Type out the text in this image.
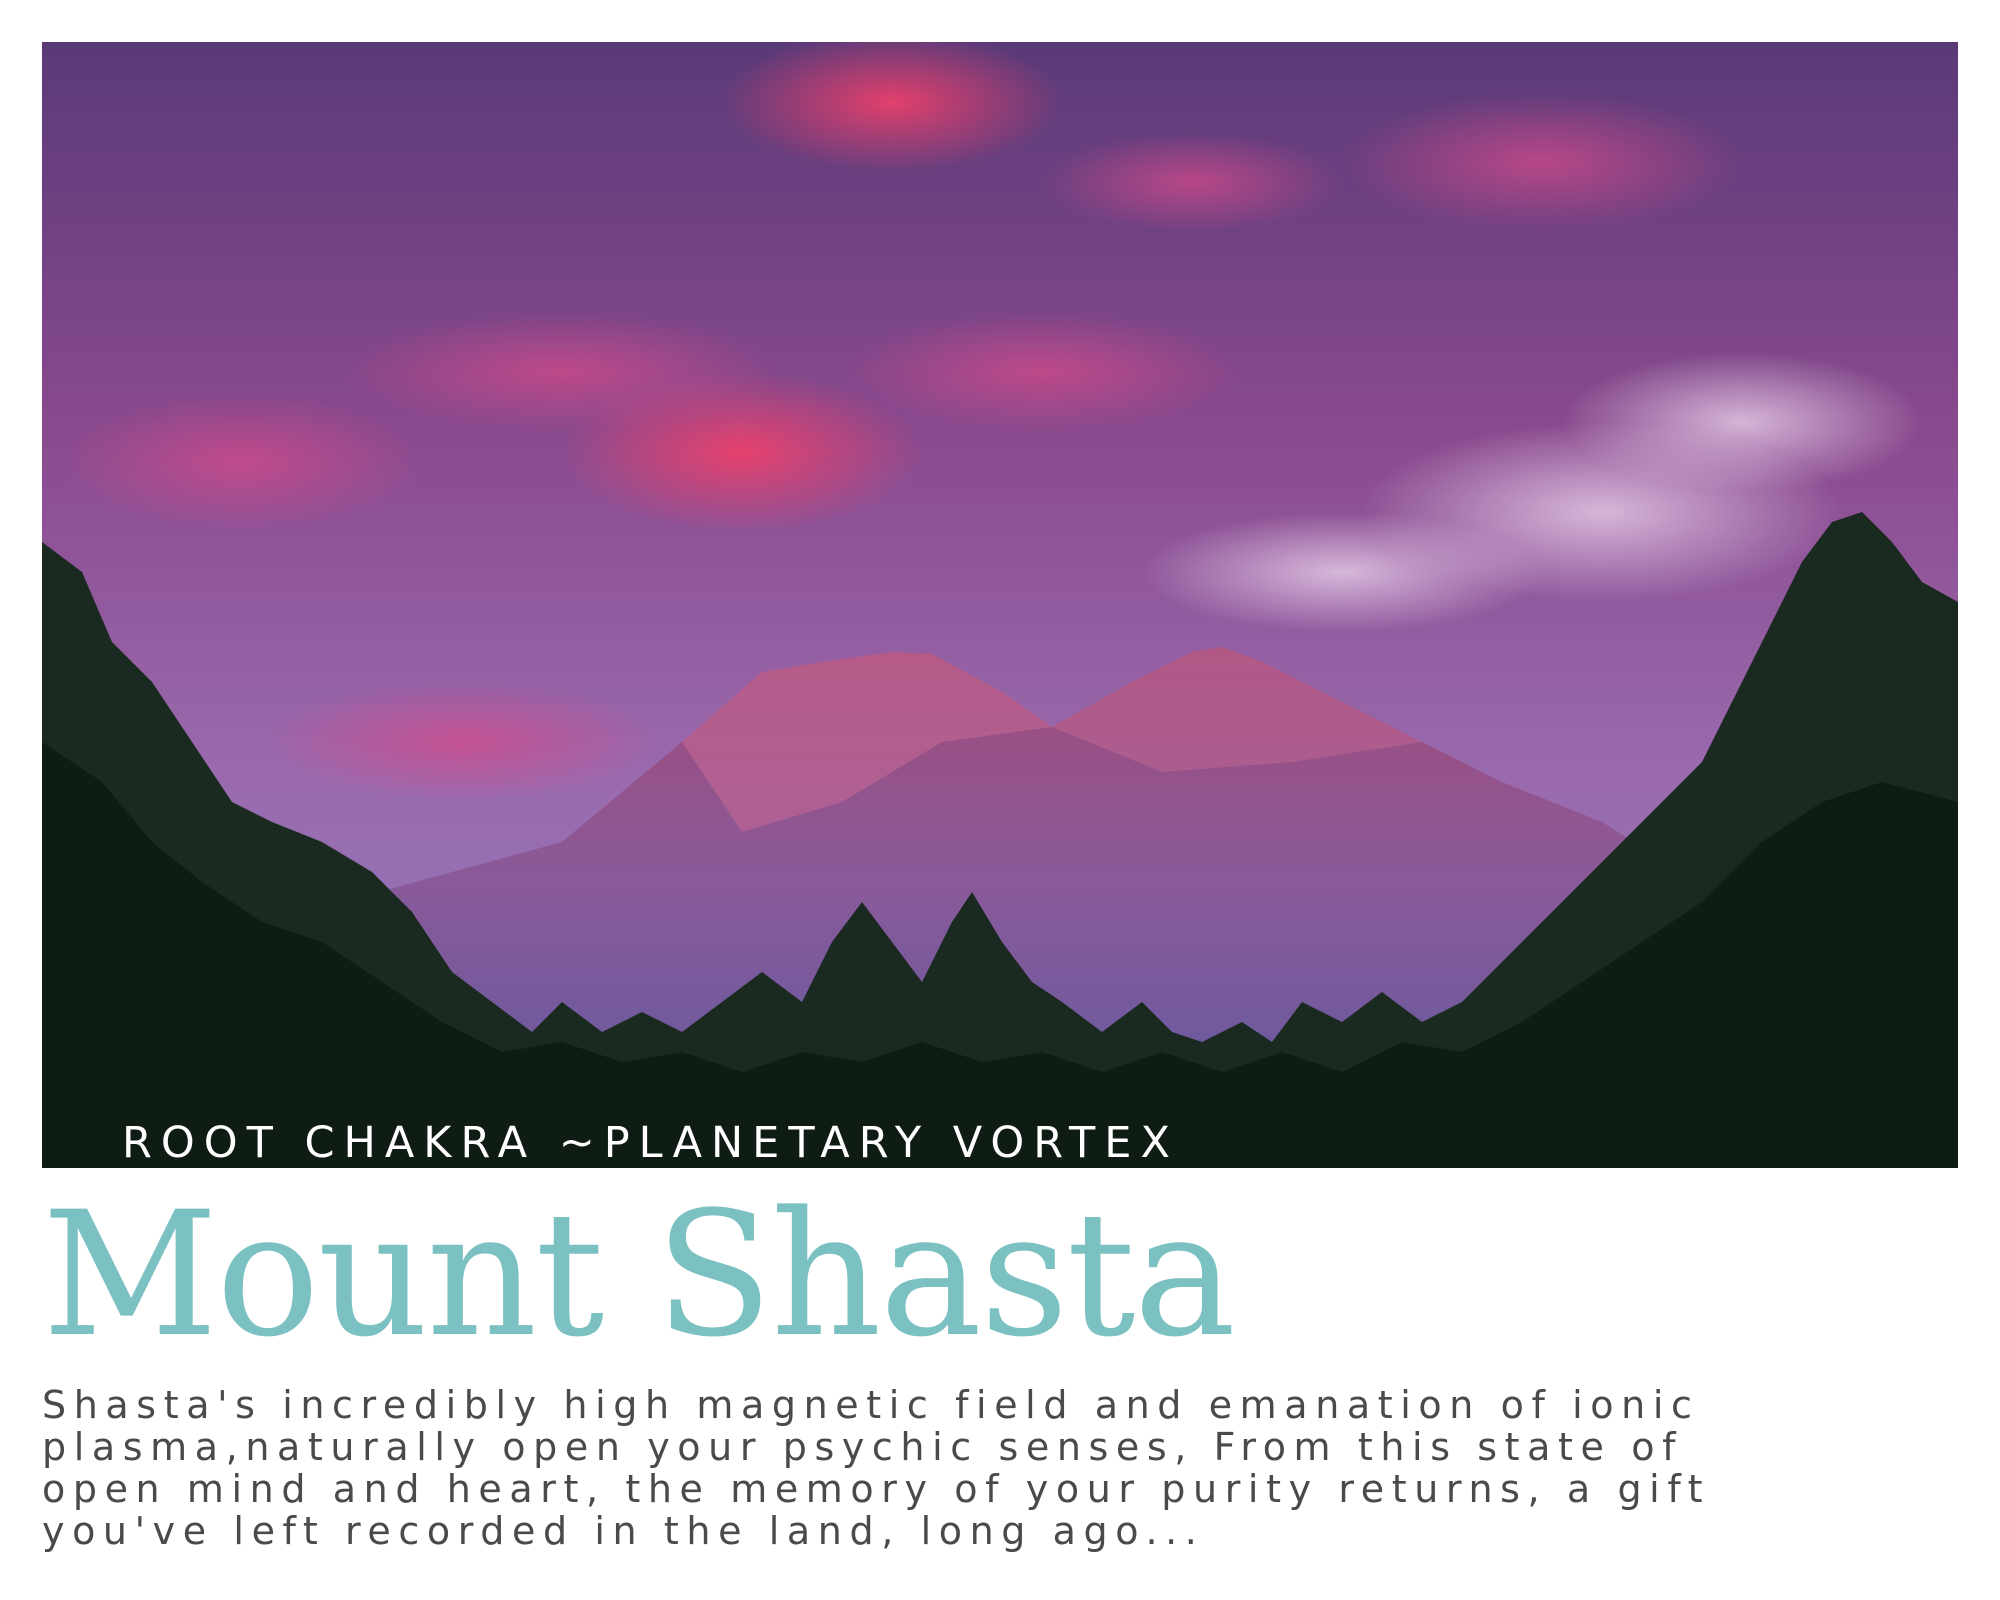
ROOT CHAKRA ~PLANETARY VORTEX
Mount Shasta
Shasta's incredibly high magnetic field and emanation of ionic
plasma,naturally open your psychic senses, From this state of
open mind and heart, the memory of your purity returns, a gift
you've left recorded in the land, long ago...
